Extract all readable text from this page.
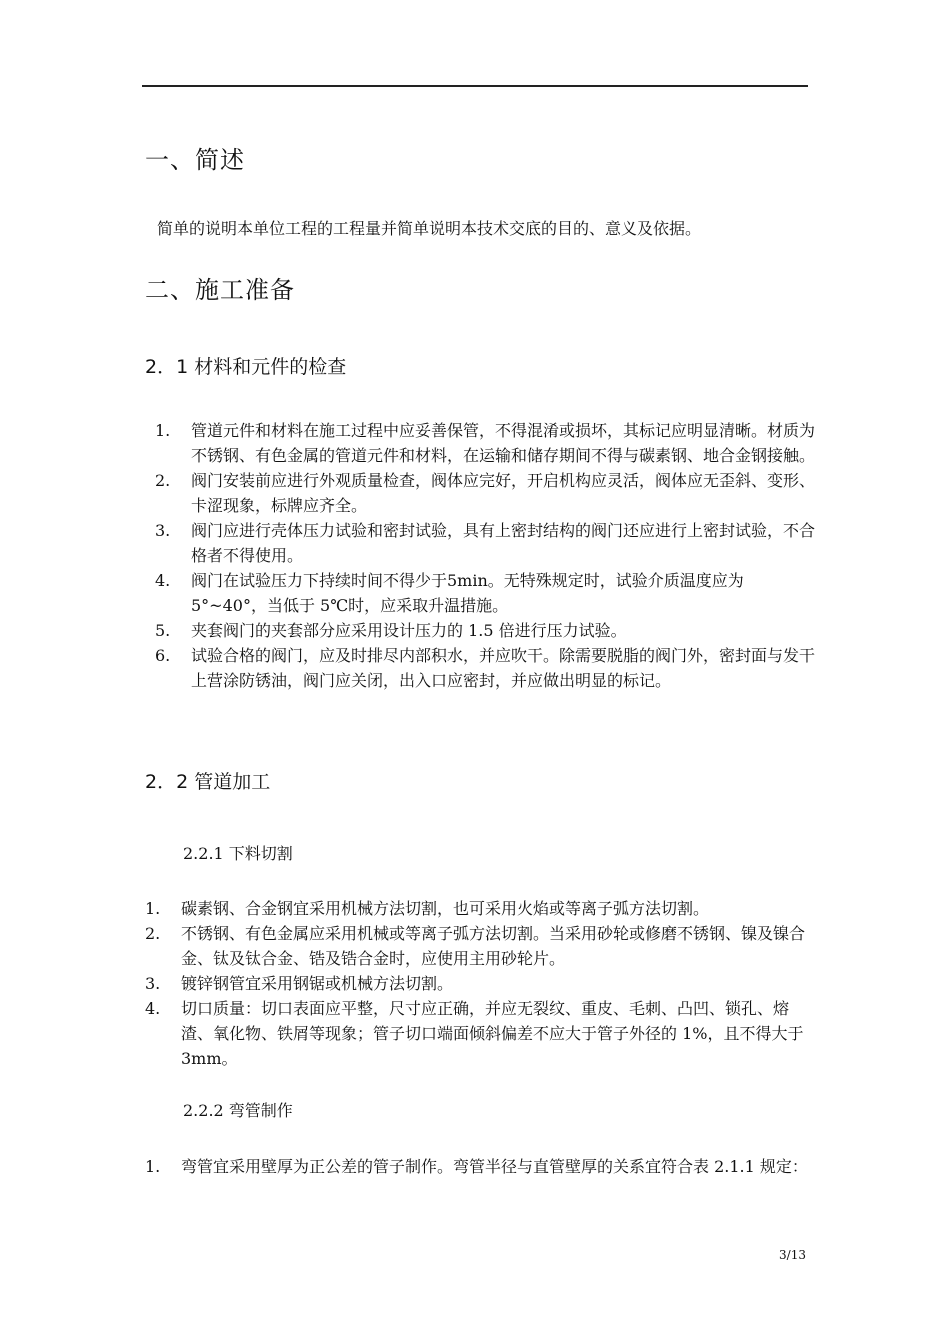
一、简述
简单的说明本单位工程的工程量并简单说明本技术交底的目的、意义及依据。
二、施工准备
2．1 材料和元件的检查
1. 管道元件和材料在施工过程中应妥善保管，不得混淆或损坏，其标记应明显清晰。材质为不锈钢、有色金属的管道元件和材料，在运输和储存期间不得与碳素钢、地合金钢接触。
2. 阀门安装前应进行外观质量检查，阀体应完好，开启机构应灵活，阀体应无歪斜、变形、卡涩现象，标牌应齐全。
3. 阀门应进行壳体压力试验和密封试验，具有上密封结构的阀门还应进行上密封试验，不合格者不得使用。
4. 阀门在试验压力下持续时间不得少于5min。无特殊规定时，试验介质温度应为 5°~40°，当低于 5℃时，应采取升温措施。
5. 夹套阀门的夹套部分应采用设计压力的 1.5 倍进行压力试验。
6. 试验合格的阀门，应及时排尽内部积水，并应吹干。除需要脱脂的阀门外，密封面与发干上营涂防锈油，阀门应关闭，出入口应密封，并应做出明显的标记。
2．2 管道加工
2.2.1 下料切割
1. 碳素钢、合金钢宜采用机械方法切割，也可采用火焰或等离子弧方法切割。
2. 不锈钢、有色金属应采用机械或等离子弧方法切割。当采用砂轮或修磨不锈钢、镍及镍合金、钛及钛合金、锆及锆合金时，应使用主用砂轮片。
3. 镀锌钢管宜采用钢锯或机械方法切割。
4. 切口质量：切口表面应平整，尺寸应正确，并应无裂纹、重皮、毛刺、凸凹、锁孔、熔渣、氧化物、铁屑等现象；管子切口端面倾斜偏差不应大于管子外径的 1%，且不得大于 3mm。
2.2.2 弯管制作
1. 弯管宜采用壁厚为正公差的管子制作。弯管半径与直管壁厚的关系宜符合表 2.1.1 规定：
3/13
